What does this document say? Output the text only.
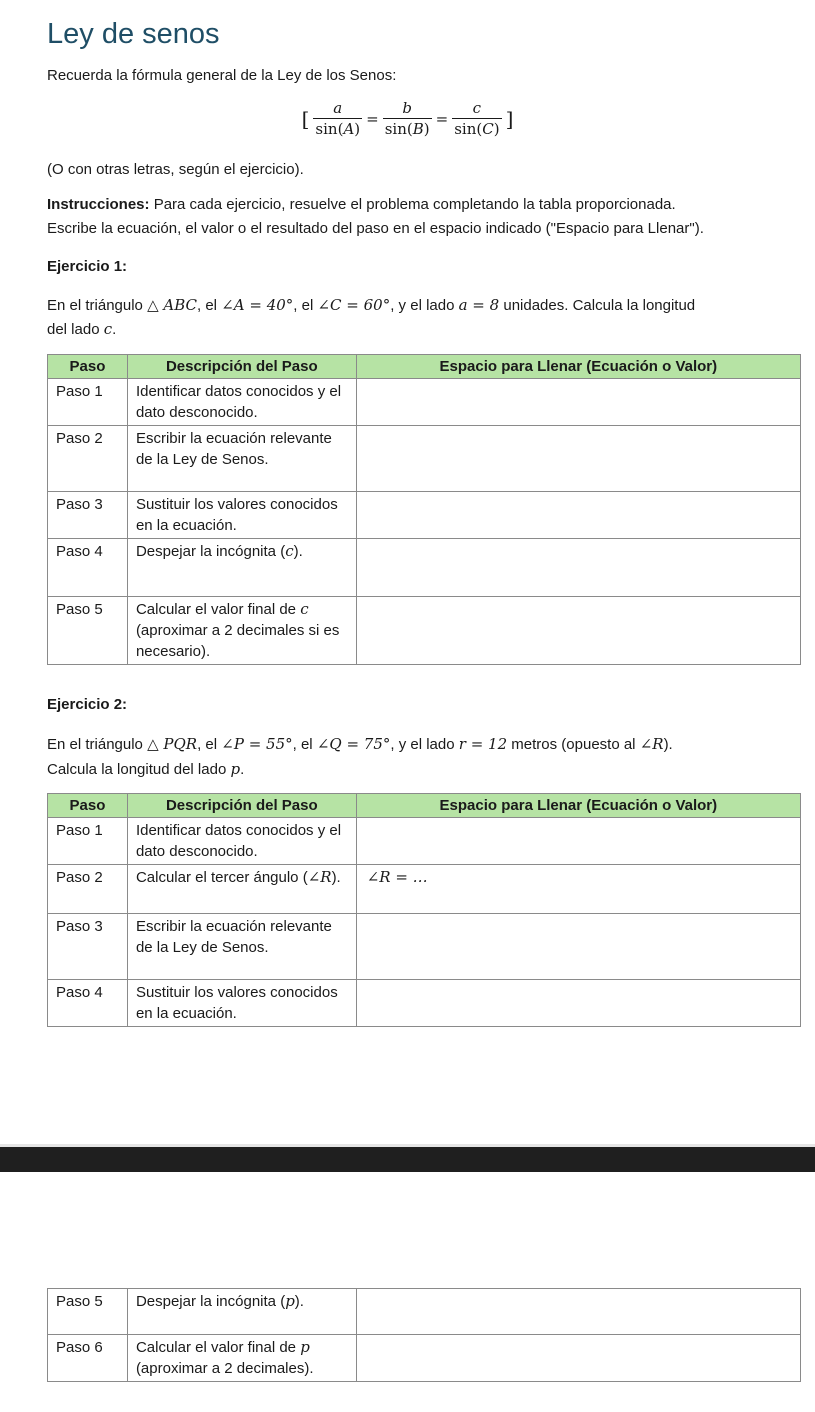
Ley de senos
Recuerda la fórmula general de la Ley de los Senos:
[ $\frac{a}{\sin(A)} = \frac{b}{\sin(B)} = \frac{c}{\sin(C)}$ ]
(O con otras letras, según el ejercicio).
Instrucciones: Para cada ejercicio, resuelve el problema completando la tabla proporcionada.
Escribe la ecuación, el valor o el resultado del paso en el espacio indicado ("Espacio para Llenar").
Ejercicio 1:
En el triángulo △ ABC, el ∠A = 40°, el ∠C = 60°, y el lado a = 8 unidades. Calcula la longitud
del lado c.
Paso	Descripción del Paso	Espacio para Llenar (Ecuación o Valor)
Paso 1	Identificar datos conocidos y el dato desconocido.	
Paso 2	Escribir la ecuación relevante de la Ley de Senos.	
Paso 3	Sustituir los valores conocidos en la ecuación.	
Paso 4	Despejar la incógnita (c).	
Paso 5	Calcular el valor final de c (aproximar a 2 decimales si es necesario).	
Ejercicio 2:
En el triángulo △ PQR, el ∠P = 55°, el ∠Q = 75°, y el lado r = 12 metros (opuesto al ∠R).
Calcula la longitud del lado p.
Paso	Descripción del Paso	Espacio para Llenar (Ecuación o Valor)
Paso 1	Identificar datos conocidos y el dato desconocido.	
Paso 2	Calcular el tercer ángulo (∠R).	∠R = …
Paso 3	Escribir la ecuación relevante de la Ley de Senos.	
Paso 4	Sustituir los valores conocidos en la ecuación.	
Paso 5	Despejar la incógnita (p).	
Paso 6	Calcular el valor final de p (aproximar a 2 decimales).	
